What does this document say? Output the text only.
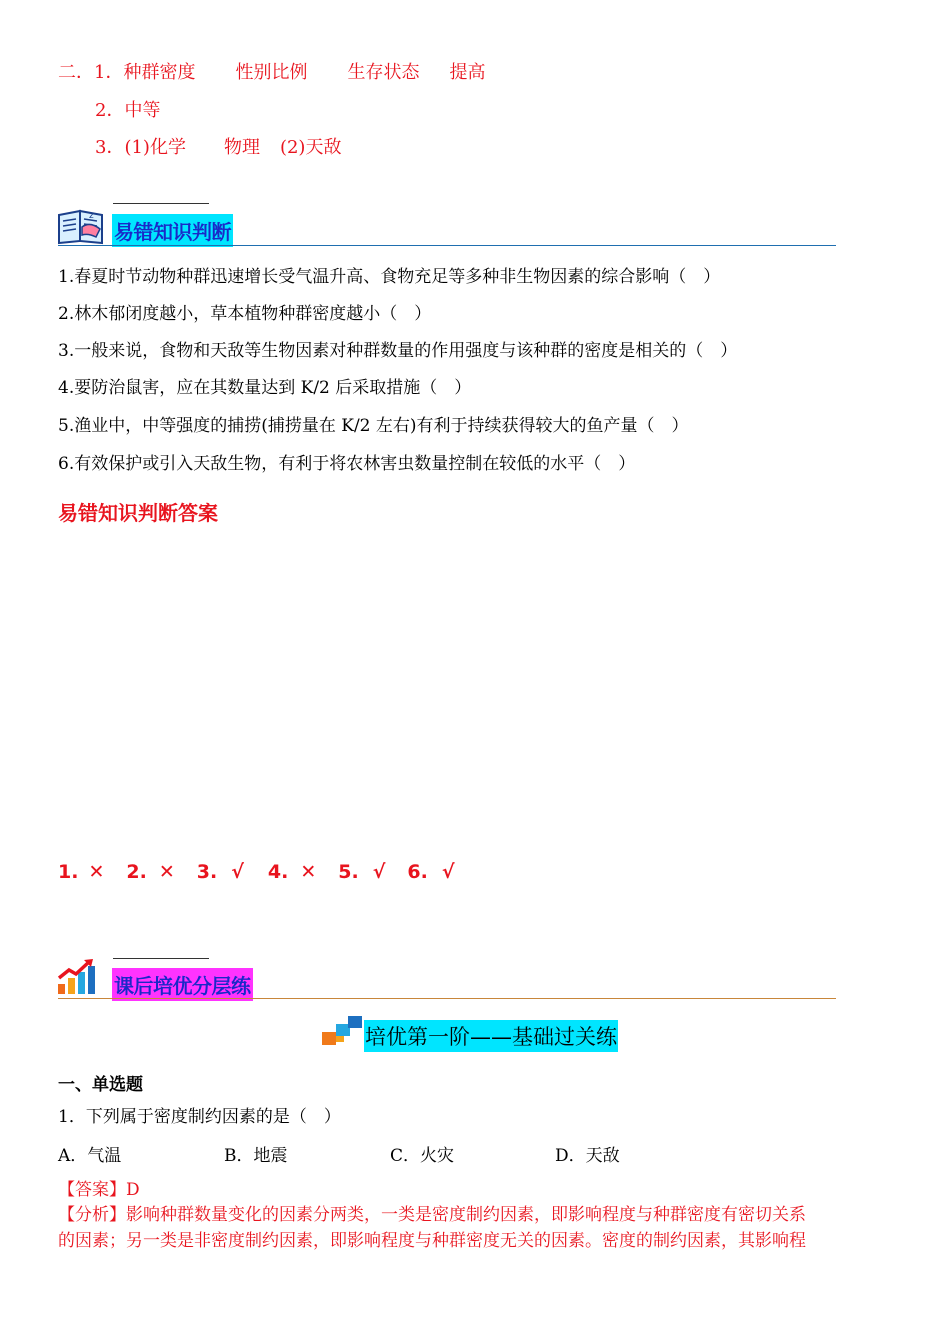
二．1．种群密度 性别比例 生存状态 提高
2．中等
3．(1)化学 物理 (2)天敌
z
易错知识判断
1.春夏时节动物种群迅速增长受气温升高、食物充足等多种非生物因素的综合影响（　）
2.林木郁闭度越小，草本植物种群密度越小（　）
3.一般来说，食物和天敌等生物因素对种群数量的作用强度与该种群的密度是相关的（　）
4.要防治鼠害，应在其数量达到 K/2 后采取措施（　）
5.渔业中，中等强度的捕捞(捕捞量在 K/2 左右)有利于持续获得较大的鱼产量（　）
6.有效保护或引入天敌生物，有利于将农林害虫数量控制在较低的水平（　）
易错知识判断答案
1. ✕ 2. ✕ 3. √ 4. ✕ 5. √ 6. √
课后培优分层练
培优第一阶——基础过关练
一、单选题
1．下列属于密度制约因素的是（　）
A．气温	B．地震	C．火灾	D．天敌
【答案】D
【分析】影响种群数量变化的因素分两类，一类是密度制约因素，即影响程度与种群密度有密切关系
的因素；另一类是非密度制约因素，即影响程度与种群密度无关的因素。密度的制约因素，其影响程
